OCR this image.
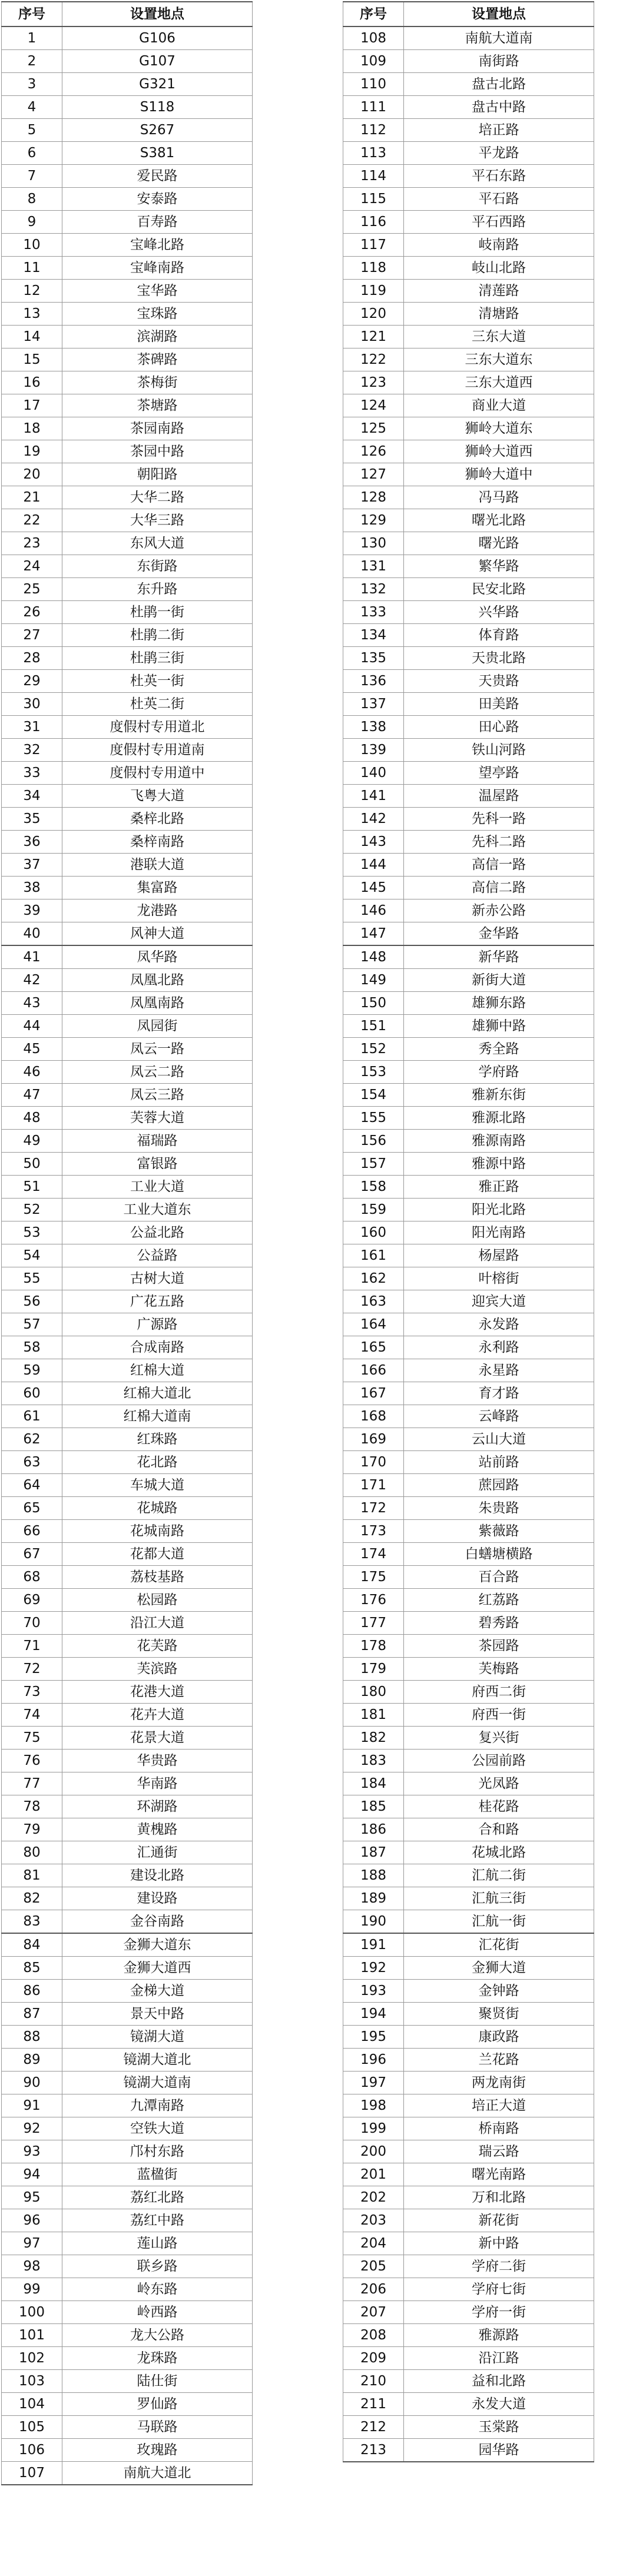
序号	设置地点
1	G106
2	G107
3	G321
4	S118
5	S267
6	S381
7	爱民路
8	安泰路
9	百寿路
10	宝峰北路
11	宝峰南路
12	宝华路
13	宝珠路
14	滨湖路
15	茶碑路
16	茶梅街
17	茶塘路
18	茶园南路
19	茶园中路
20	朝阳路
21	大华二路
22	大华三路
23	东风大道
24	东街路
25	东升路
26	杜鹃一街
27	杜鹃二街
28	杜鹃三街
29	杜英一街
30	杜英二街
31	度假村专用道北
32	度假村专用道南
33	度假村专用道中
34	飞粤大道
35	桑梓北路
36	桑梓南路
37	港联大道
38	集富路
39	龙港路
40	风神大道
41	凤华路
42	凤凰北路
43	凤凰南路
44	凤园街
45	凤云一路
46	凤云二路
47	凤云三路
48	芙蓉大道
49	福瑞路
50	富银路
51	工业大道
52	工业大道东
53	公益北路
54	公益路
55	古树大道
56	广花五路
57	广源路
58	合成南路
59	红棉大道
60	红棉大道北
61	红棉大道南
62	红珠路
63	花北路
64	车城大道
65	花城路
66	花城南路
67	花都大道
68	荔枝基路
69	松园路
70	沿江大道
71	花芙路
72	芙滨路
73	花港大道
74	花卉大道
75	花景大道
76	华贵路
77	华南路
78	环湖路
79	黄槐路
80	汇通街
81	建设北路
82	建设路
83	金谷南路
84	金狮大道东
85	金狮大道西
86	金梯大道
87	景天中路
88	镜湖大道
89	镜湖大道北
90	镜湖大道南
91	九潭南路
92	空铁大道
93	邝村东路
94	蓝楹街
95	荔红北路
96	荔红中路
97	莲山路
98	联乡路
99	岭东路
100	岭西路
101	龙大公路
102	龙珠路
103	陆仕街
104	罗仙路
105	马联路
106	玫瑰路
107	南航大道北
序号	设置地点
108	南航大道南
109	南街路
110	盘古北路
111	盘古中路
112	培正路
113	平龙路
114	平石东路
115	平石路
116	平石西路
117	岐南路
118	岐山北路
119	清莲路
120	清塘路
121	三东大道
122	三东大道东
123	三东大道西
124	商业大道
125	狮岭大道东
126	狮岭大道西
127	狮岭大道中
128	冯马路
129	曙光北路
130	曙光路
131	繁华路
132	民安北路
133	兴华路
134	体育路
135	天贵北路
136	天贵路
137	田美路
138	田心路
139	铁山河路
140	望亭路
141	温屋路
142	先科一路
143	先科二路
144	高信一路
145	高信二路
146	新赤公路
147	金华路
148	新华路
149	新街大道
150	雄狮东路
151	雄狮中路
152	秀全路
153	学府路
154	雅新东街
155	雅源北路
156	雅源南路
157	雅源中路
158	雅正路
159	阳光北路
160	阳光南路
161	杨屋路
162	叶榕街
163	迎宾大道
164	永发路
165	永利路
166	永星路
167	育才路
168	云峰路
169	云山大道
170	站前路
171	蔗园路
172	朱贵路
173	紫薇路
174	白蟮塘横路
175	百合路
176	红荔路
177	碧秀路
178	茶园路
179	芙梅路
180	府西二街
181	府西一街
182	复兴街
183	公园前路
184	光凤路
185	桂花路
186	合和路
187	花城北路
188	汇航二街
189	汇航三街
190	汇航一街
191	汇花街
192	金狮大道
193	金钟路
194	聚贤街
195	康政路
196	兰花路
197	两龙南街
198	培正大道
199	桥南路
200	瑞云路
201	曙光南路
202	万和北路
203	新花街
204	新中路
205	学府二街
206	学府七街
207	学府一街
208	雅源路
209	沿江路
210	益和北路
211	永发大道
212	玉棠路
213	园华路
